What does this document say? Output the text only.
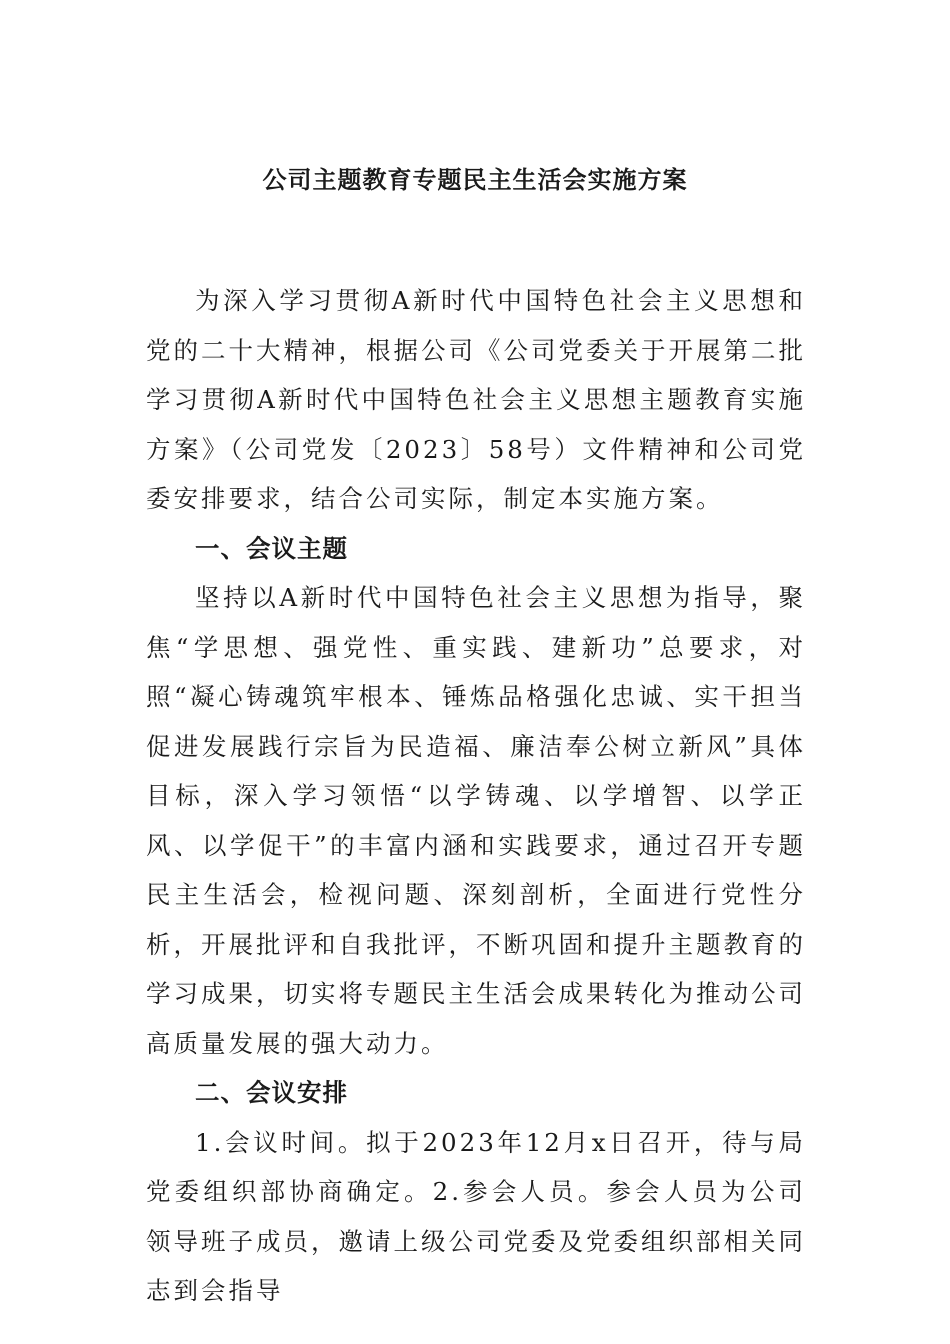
公司主题教育专题民主生活会实施方案

为深入学习贯彻A新时代中国特色社会主义思想和党的二十大精神，根据公司《公司党委关于开展第二批学习贯彻A新时代中国特色社会主义思想主题教育实施方案》（公司党发〔2023〕58号）文件精神和公司党委安排要求，结合公司实际，制定本实施方案。

一、会议主题

坚持以A新时代中国特色社会主义思想为指导，聚焦“学思想、强党性、重实践、建新功”总要求，对照“凝心铸魂筑牢根本、锤炼品格强化忠诚、实干担当促进发展践行宗旨为民造福、廉洁奉公树立新风”具体目标，深入学习领悟“以学铸魂、以学增智、以学正风、以学促干”的丰富内涵和实践要求，通过召开专题民主生活会，检视问题、深刻剖析，全面进行党性分析，开展批评和自我批评，不断巩固和提升主题教育的学习成果，切实将专题民主生活会成果转化为推动公司高质量发展的强大动力。

二、会议安排

1.会议时间。拟于2023年12月x日召开，待与局党委组织部协商确定。2.参会人员。参会人员为公司领导班子成员，邀请上级公司党委及党委组织部相关同志到会指导
